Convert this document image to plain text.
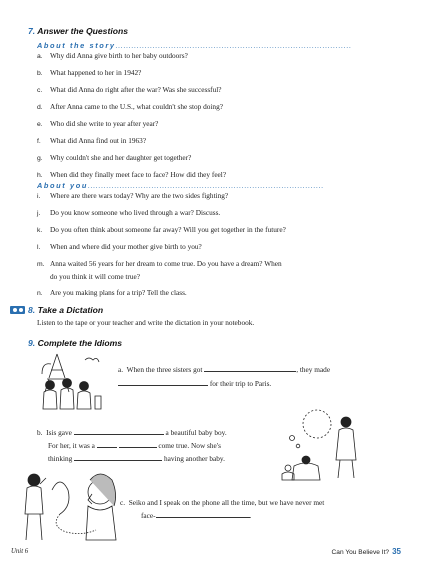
7. Answer the Questions
About the story.........................................................................................
a. Why did Anna give birth to her baby outdoors?
b. What happened to her in 1942?
c. What did Anna do right after the war? Was she successful?
d. After Anna came to the U.S., what couldn't she stop doing?
e. Who did she write to year after year?
f. What did Anna find out in 1963?
g. Why couldn't she and her daughter get together?
h. When did they finally meet face to face? How did they feel?
About you.........................................................................................
i. Where are there wars today? Why are the two sides fighting?
j. Do you know someone who lived through a war? Discuss.
k. Do you often think about someone far away? Will you get together in the future?
l. When and where did your mother give birth to you?
m. Anna waited 56 years for her dream to come true. Do you have a dream? When
do you think it will come true?
n. Are you making plans for a trip? Tell the class.
8. Take a Dictation
Listen to the tape or your teacher and write the dictation in your notebook.
9. Complete the Idioms
a. When the three sisters got	, they made
for their trip to Paris.
b. Isis gave	a beautiful baby boy.
For her, it was a	come true. Now she's
thinking	having another baby.
c. Seiko and I speak on the phone all the time, but we have never met
face-	.
Unit 6	Can You Believe It? 35
